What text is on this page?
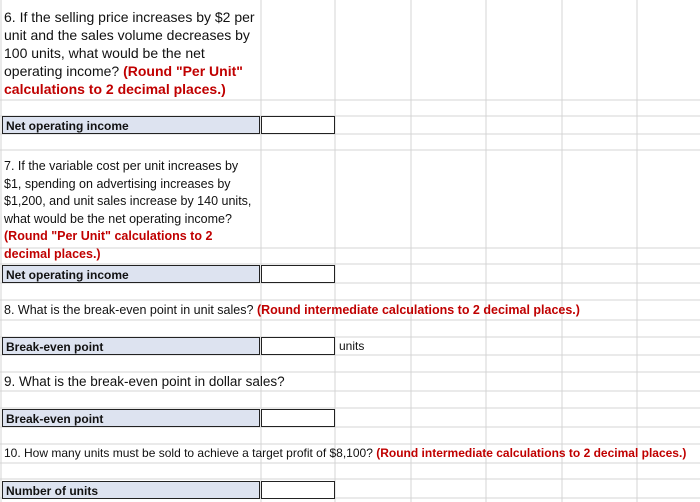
6. If the selling price increases by $2 per unit and the sales volume decreases by 100 units, what would be the net operating income? (Round "Per Unit" calculations to 2 decimal places.)
Net operating income
7. If the variable cost per unit increases by $1, spending on advertising increases by $1,200, and unit sales increase by 140 units, what would be the net operating income? (Round "Per Unit" calculations to 2 decimal places.)
Net operating income
8. What is the break-even point in unit sales? (Round intermediate calculations to 2 decimal places.)
Break-even point	units
9. What is the break-even point in dollar sales?
Break-even point
10. How many units must be sold to achieve a target profit of $8,100? (Round intermediate calculations to 2 decimal places.)
Number of units
